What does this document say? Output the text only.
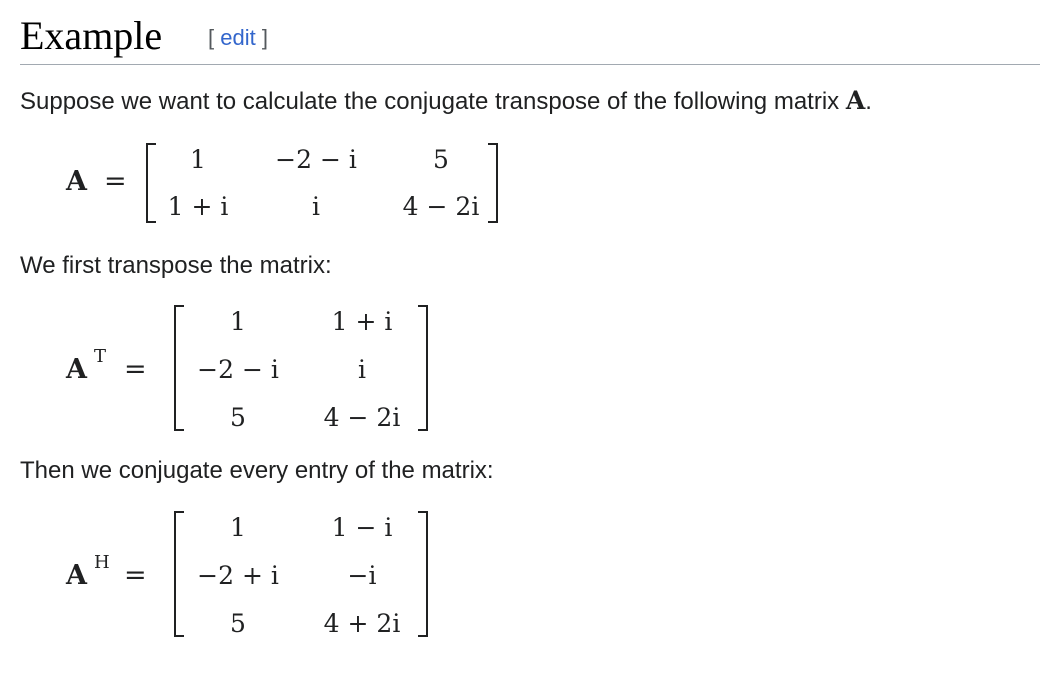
Example [ edit ]
Suppose we want to calculate the conjugate transpose of the following matrix A.
A =
1	−2 − i	5
1 + i	i	4 − 2i
We first transpose the matrix:
A T =
1	1 + i
−2 − i	i
5	4 − 2i
Then we conjugate every entry of the matrix:
A H =
1	1 − i
−2 + i	−i
5	4 + 2i
